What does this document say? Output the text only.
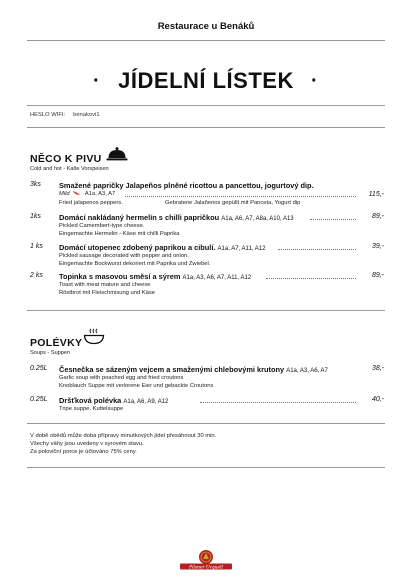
Restaurace u Benáků
· JÍDELNÍ LÍSTEK ·
HESLO WIFI: benakovi1
NĚCO K PIVU
Cold and hot - Kalte Vorspeisen
3ks Smažené papričky Jalapeños plněné ricottou a pancettou, jogurtový dip.
Mild	A1a, A3, A7	115,-
Fried jalapenos peppers.	Gebratene Jalaňenos gepüllt mit Panceta, Yogurt dip
1ks Domácí nakládaný hermelín s chilli papričkou A1a, A6, A7, A8a, A10, A13	89,-
Pickled Camembert-type cheese.
Eingemachte Hermelin - Käse mit chilli Paprika
1 ks Domácí utopenec zdobený paprikou a cibulí. A1a, A7, A11, A12	39,-
Pickled sausage decorated with pepper and onion.
Eingemachte Bockwurst dekoriert mit Paprika und Zwiebel.
2 ks Topinka s masovou směsí a sýrem A1a, A3, A6, A7, A11, A12	89,-
Toast with meat mature and cheese
Röstbrot mit Fleischmisung und Käse
POLÉVKY
Soups - Suppen
0.25L Česnečka se sázeným vejcem a smaženými chlebovými krutony A1a, A3, A6, A7	38,-
Garlic soup with poached egg and fried croutons
Knoblauch Suppe mit verlorene Eier und gebackte Croutons
0.25L Dršťková polévka A1a, A6, A9, A12	40,-
Tripe suppe. Kuttelsuppe
V době obědů může doba přípravy minutkových jídel přesáhnout 30 min.
Všechy váhy jsou uvedeny v syrovém stavu.
Za poloviční porce je účtováno 75% ceny.
Pilsner Urquell
